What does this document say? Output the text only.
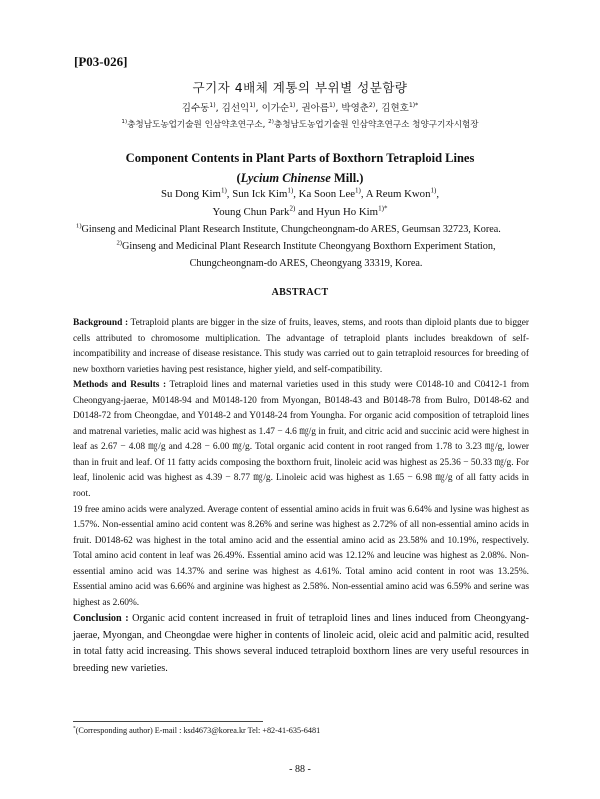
[P03-026]
구기자 4배체 계통의 부위별 성분함량
김수동$^{1)}$, 김선익$^{1)}$, 이가순$^{1)}$, 권아름$^{1)}$, 박영춘$^{2)}$, 김현호$^{1)*}$
$^{1)}$충청남도농업기술원 인삼약초연구소, $^{2)}$충청남도농업기술원 인삼약초연구소 청양구기자시험장
Component Contents in Plant Parts of Boxthorn Tetraploid Lines
(Lycium Chinense Mill.)
Su Dong Kim$^{1)}$, Sun Ick Kim$^{1)}$, Ka Soon Lee$^{1)}$, A Reum Kwon$^{1)}$,
Young Chun Park$^{2)}$ and Hyun Ho Kim$^{1)*}$
$^{1)}$Ginseng and Medicinal Plant Research Institute, Chungcheongnam-do ARES, Geumsan 32723, Korea.

$^{2)}$Ginseng and Medicinal Plant Research Institute Cheongyang Boxthorn Experiment Station,
Chungcheongnam-do ARES, Cheongyang 33319, Korea.
ABSTRACT

Background : Tetraploid plants are bigger in the size of fruits, leaves, stems, and roots than diploid plants due to bigger cells attributed to chromosome multiplication. The advantage of tetraploid plants includes breakdown of self-incompatibility and increase of disease resistance. This study was carried out to gain tetraploid resources for breeding of new boxthorn varieties having pest resistance, higher yield, and self-compatibility.

Methods and Results : Tetraploid lines and maternal varieties used in this study were C0148-10 and C0412-1 from Cheongyang-jaerae, M0148-94 and M0148-120 from Myongan, B0148-43 and B0148-78 from Bulro, D0148-62 and D0148-72 from Cheongdae, and Y0148-2 and Y0148-24 from Youngha. For organic acid composition of tetraploid lines and matrenal varieties, malic acid was highest as 1.47 − 4.6 ㎎/g in fruit, and citric acid and succinic acid were highest in leaf as 2.67 − 4.08 ㎎/g and 4.28 − 6.00 ㎎/g. Total organic acid content in root ranged from 1.78 to 3.23 ㎎/g, lower than in fruit and leaf. Of 11 fatty acids composing the boxthorn fruit, linoleic acid was highest as 25.36 − 50.33 ㎎/g. For leaf, linolenic acid was highest as 4.39 − 8.77 ㎎/g. Linoleic acid was highest as 1.65 − 6.98 ㎎/g of all fatty acids in root.

19 free amino acids were analyzed. Average content of essential amino acids in fruit was 6.64% and lysine was highest as 1.57%. Non-essential amino acid content was 8.26% and serine was highest as 2.72% of all non-essential amino acids in fruit. D0148-62 was highest in the total amino acid and the essential amino acid as 23.58% and 10.19%, respectively. Total amino acid content in leaf was 26.49%. Essential amino acid was 12.12% and leucine was highest as 2.08%. Non-essential amino acid was 14.37% and serine was highest as 4.61%. Total amino acid content in root was 13.25%. Essential amino acid was 6.66% and arginine was highest as 2.58%. Non-essential amino acid was 6.59% and serine was highest as 2.60%.

Conclusion : Organic acid content increased in fruit of tetraploid lines and lines induced from Cheongyang-jaerae, Myongan, and Cheongdae were higher in contents of linoleic acid, oleic acid and palmitic acid, resulted in total fatty acid increasing. This shows several induced tetraploid boxthorn lines are very useful resources in breeding new varieties.

*(Corresponding author) E-mail : ksd4673@korea.kr Tel: +82-41-635-6481
- 88 -
